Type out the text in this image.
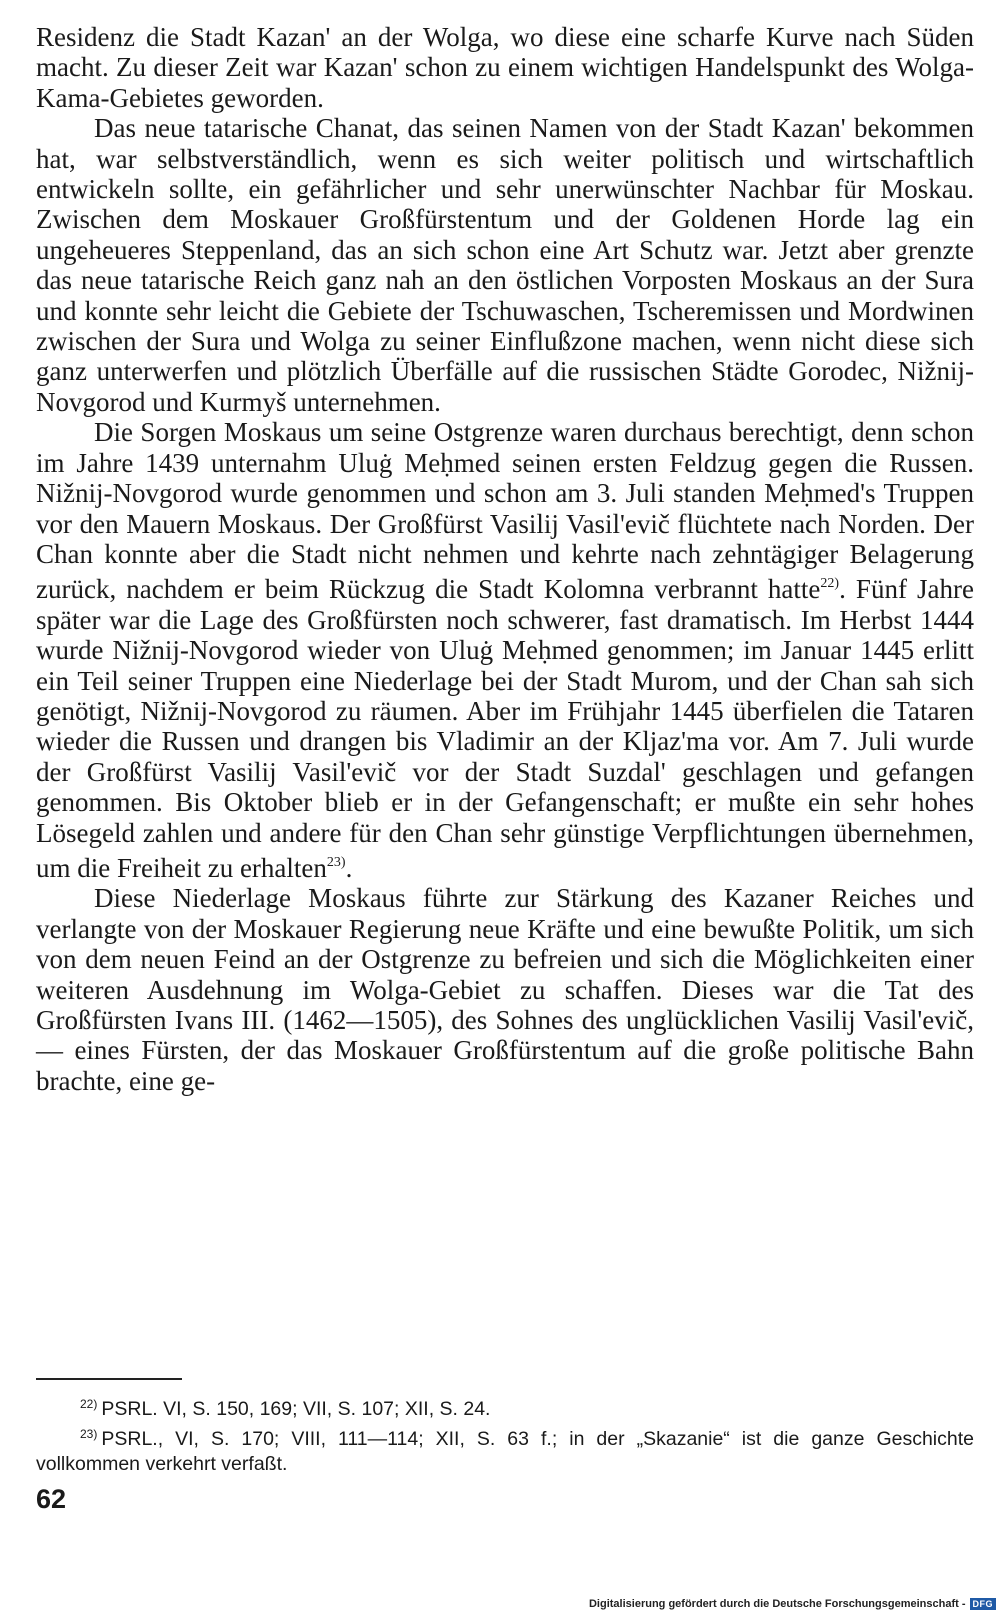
Residenz die Stadt Kazan' an der Wolga, wo diese eine scharfe Kurve nach Süden macht. Zu dieser Zeit war Kazan' schon zu einem wichtigen Handelspunkt des Wolga-Kama-Gebietes geworden.

Das neue tatarische Chanat, das seinen Namen von der Stadt Kazan' bekommen hat, war selbstverständlich, wenn es sich weiter politisch und wirtschaftlich entwickeln sollte, ein gefährlicher und sehr unerwünschter Nachbar für Moskau. Zwischen dem Moskauer Großfürstentum und der Goldenen Horde lag ein ungeheueres Steppenland, das an sich schon eine Art Schutz war. Jetzt aber grenzte das neue tatarische Reich ganz nah an den östlichen Vorposten Moskaus an der Sura und konnte sehr leicht die Gebiete der Tschuwaschen, Tscheremissen und Mordwinen zwischen der Sura und Wolga zu seiner Einflußzone machen, wenn nicht diese sich ganz unterwerfen und plötzlich Überfälle auf die russischen Städte Gorodec, Nižnij-Novgorod und Kurmyš unternehmen.

Die Sorgen Moskaus um seine Ostgrenze waren durchaus berechtigt, denn schon im Jahre 1439 unternahm Uluġ Meḥmed seinen ersten Feldzug gegen die Russen. Nižnij-Novgorod wurde genommen und schon am 3. Juli standen Meḥmed's Truppen vor den Mauern Moskaus. Der Großfürst Vasilij Vasil'evič flüchtete nach Norden. Der Chan konnte aber die Stadt nicht nehmen und kehrte nach zehntägiger Belagerung zurück, nachdem er beim Rückzug die Stadt Kolomna verbrannt hatte$^{22)}$. Fünf Jahre später war die Lage des Großfürsten noch schwerer, fast dramatisch. Im Herbst 1444 wurde Nižnij-Novgorod wieder von Uluġ Meḥmed genommen; im Januar 1445 erlitt ein Teil seiner Truppen eine Niederlage bei der Stadt Murom, und der Chan sah sich genötigt, Nižnij-Novgorod zu räumen. Aber im Frühjahr 1445 überfielen die Tataren wieder die Russen und drangen bis Vladimir an der Kljaz'ma vor. Am 7. Juli wurde der Großfürst Vasilij Vasil'evič vor der Stadt Suzdal' geschlagen und gefangen genommen. Bis Oktober blieb er in der Gefangenschaft; er mußte ein sehr hohes Lösegeld zahlen und andere für den Chan sehr günstige Verpflichtungen übernehmen, um die Freiheit zu erhalten$^{23)}$.

Diese Niederlage Moskaus führte zur Stärkung des Kazaner Reiches und verlangte von der Moskauer Regierung neue Kräfte und eine bewußte Politik, um sich von dem neuen Feind an der Ostgrenze zu befreien und sich die Möglichkeiten einer weiteren Ausdehnung im Wolga-Gebiet zu schaffen. Dieses war die Tat des Großfürsten Ivans III. (1462—1505), des Sohnes des unglücklichen Vasilij Vasil'evič, — eines Fürsten, der das Moskauer Großfürstentum auf die große politische Bahn brachte, eine ge-

$^{22)}$ PSRL. VI, S. 150, 169; VII, S. 107; XII, S. 24.

$^{23)}$ PSRL., VI, S. 170; VIII, 111—114; XII, S. 63 f.; in der „Skazanie“ ist die ganze Geschichte vollkommen verkehrt verfaßt.

62
Digitalisierung gefördert durch die Deutsche Forschungsgemeinschaft - DFG
